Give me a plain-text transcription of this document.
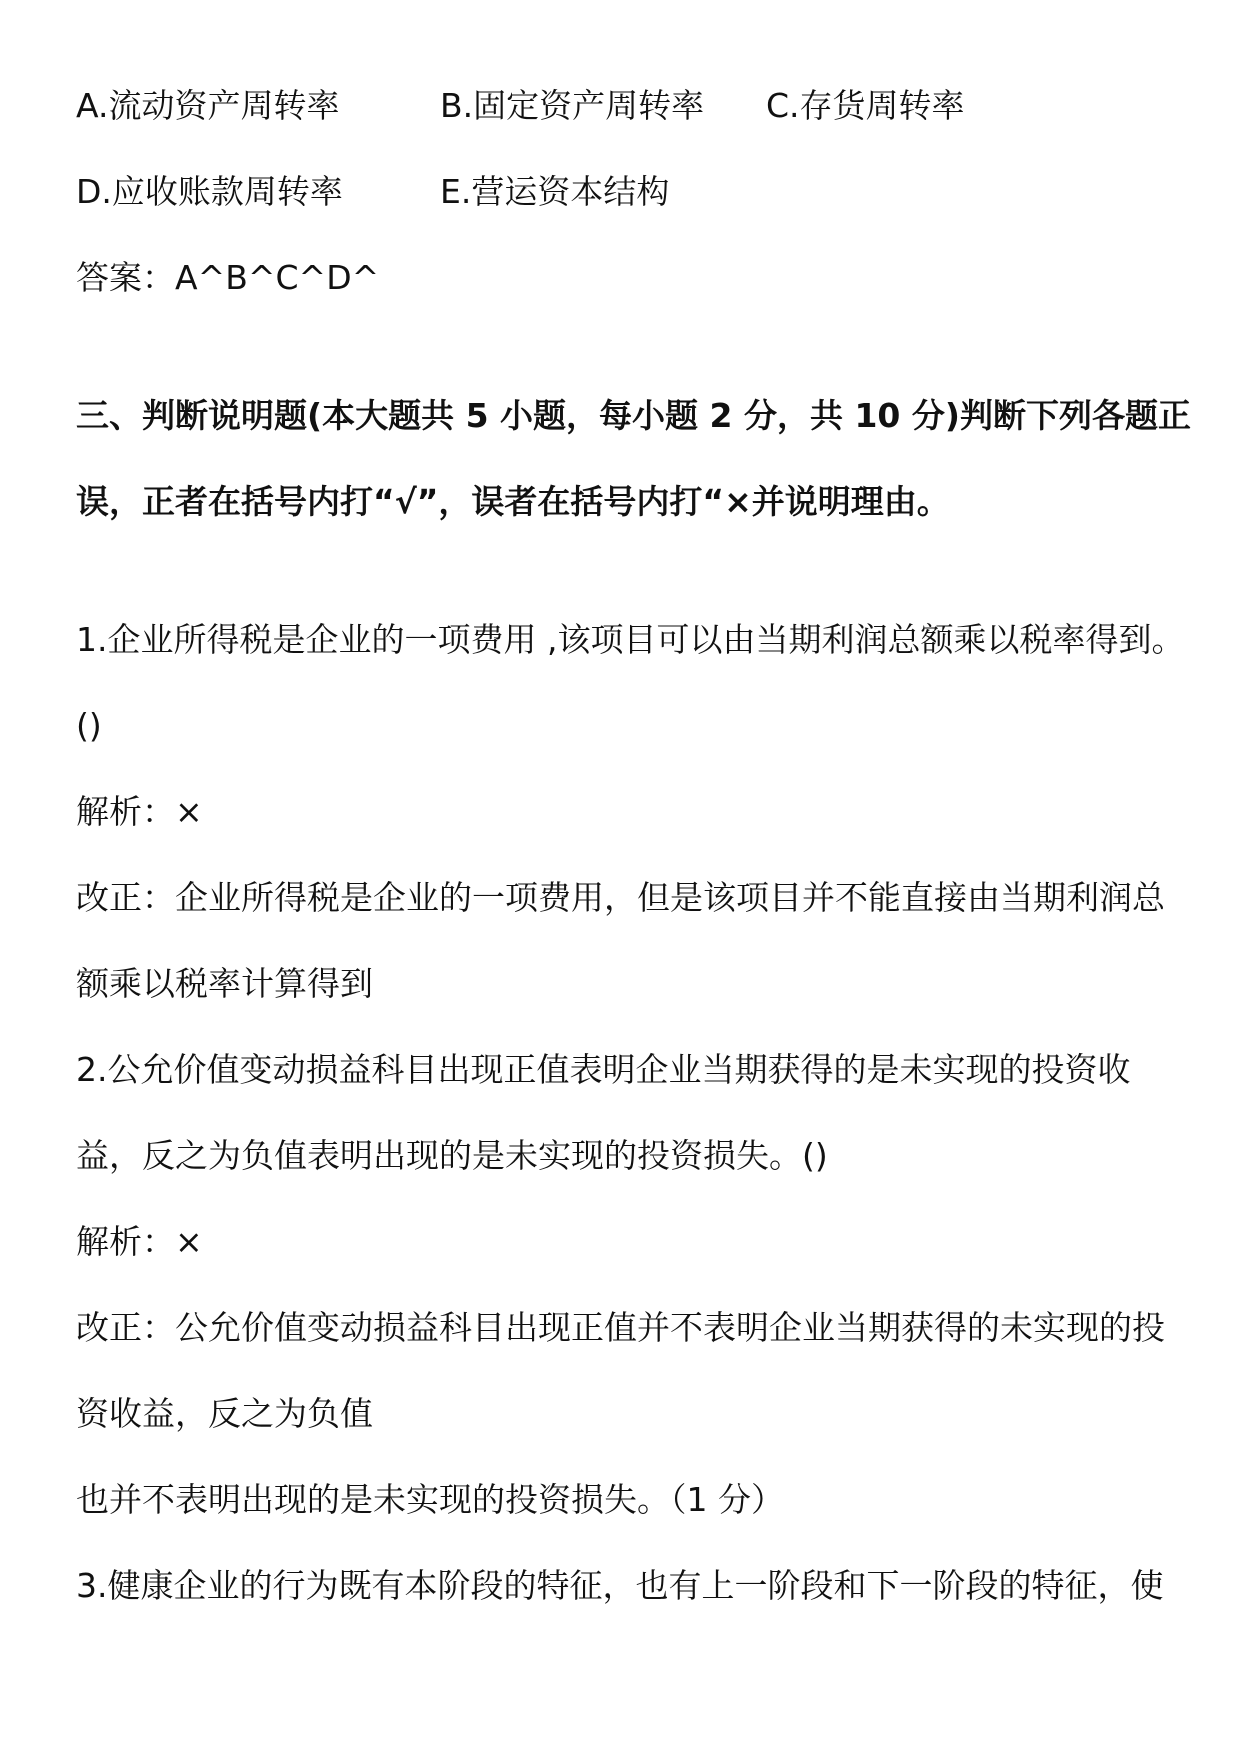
A.流动资产周转率	B.固定资产周转率 C.存货周转率
D.应收账款周转率	E.营运资本结构
答案：A^B^C^D^
三、判断说明题(本大题共 5 小题，每小题 2 分，共 10 分)判断下列各题正
误，正者在括号内打“√”，误者在括号内打“×并说明理由。
1.企业所得税是企业的一项费用 ,该项目可以由当期利润总额乘以税率得到。
()
解析：×
改正：企业所得税是企业的一项费用，但是该项目并不能直接由当期利润总
额乘以税率计算得到
2.公允价值变动损益科目出现正值表明企业当期获得的是未实现的投资收
益，反之为负值表明出现的是未实现的投资损失。()
解析：×
改正：公允价值变动损益科目出现正值并不表明企业当期获得的未实现的投
资收益，反之为负值
也并不表明出现的是未实现的投资损失。（1 分）
3.健康企业的行为既有本阶段的特征，也有上一阶段和下一阶段的特征，使
